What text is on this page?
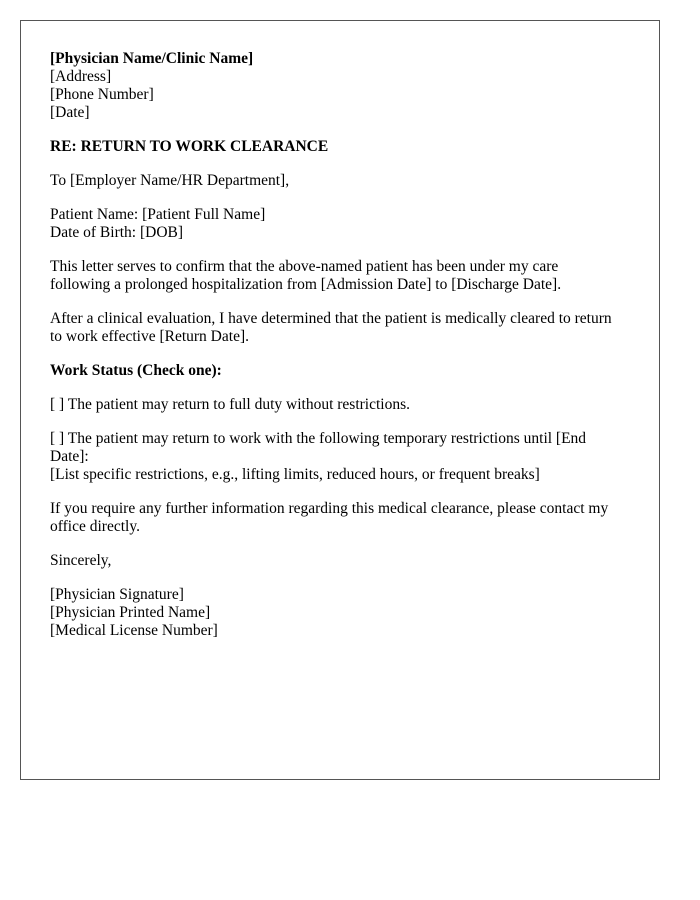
[Physician Name/Clinic Name]
[Address]
[Phone Number]
[Date]
RE: RETURN TO WORK CLEARANCE
To [Employer Name/HR Department],
Patient Name: [Patient Full Name]
Date of Birth: [DOB]
This letter serves to confirm that the above-named patient has been under my care
following a prolonged hospitalization from [Admission Date] to [Discharge Date].
After a clinical evaluation, I have determined that the patient is medically cleared to return
to work effective [Return Date].
Work Status (Check one):
[ ] The patient may return to full duty without restrictions.
[ ] The patient may return to work with the following temporary restrictions until [End
Date]:
[List specific restrictions, e.g., lifting limits, reduced hours, or frequent breaks]
If you require any further information regarding this medical clearance, please contact my
office directly.
Sincerely,
[Physician Signature]
[Physician Printed Name]
[Medical License Number]
